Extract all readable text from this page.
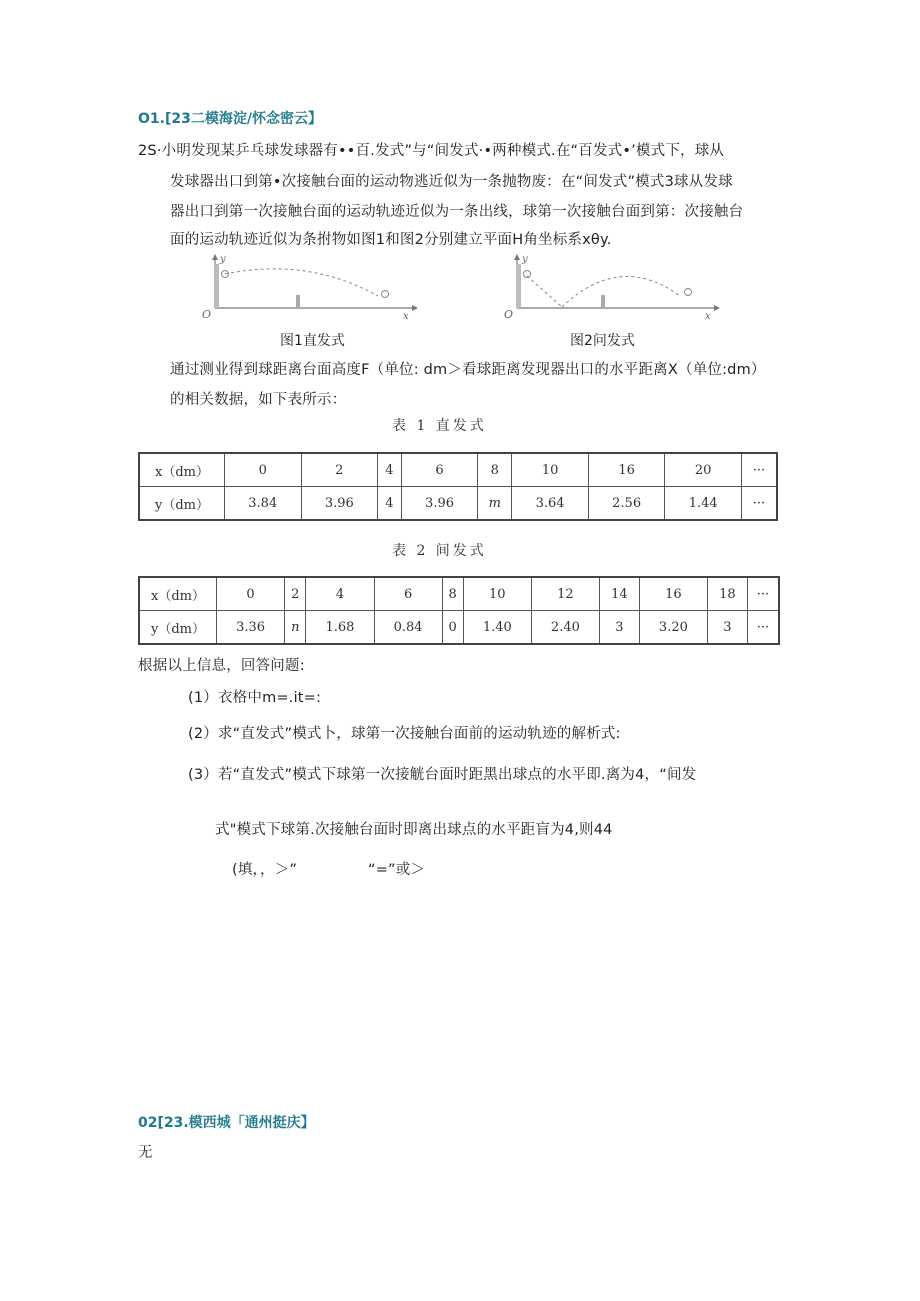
O1.[23二模海淀/怀念密云】
2S·小明发现某乒乓球发球器有••百.发式”与“间发式·•两种模式.在“百发式•’模式下，球从
发球器出口到第•次接触台面的运动物逃近似为一条抛物废：在“间发式”模式3球从发球
器出口到第一次接触台面的运动轨迹近似为一条出线，球第一次接触台面到第：次接触台
面的运动轨迹近似为条拊物如图1和图2分别建立平面H角坐标系xθy.
y
O	x
图1直发式
y
O	x
图2问发式
通过测业得到球距离台面高度F（单位: dm＞看球距离发现器出口的水平距离X（单位:dm）
的相关数据，如下表所示：
表 1 直发式
x（dm）	0	2	4	6	8	10	16	20	···
y（dm）	3.84	3.96	4	3.96	m	3.64	2.56	1.44	···
表 2 间发式
x（dm）	0	2	4	6	8	10	12	14	16	18	···
y（dm）	3.36	n	1.68	0.84	0	1.40	2.40	3	3.20	3	···
根据以上信息，回答问题:
(1）衣格中m=.it=:
(2）求“直发式”模式卜，球第一次接触台面前的运动轨迹的解析式:
(3）若“直发式”模式下球第一次接觥台面时距黑出球点的水平即.离为4，“间发
式"模式下球第.次接触台面时即离出球点的水平距盲为4,则44
(填，，＞”	“=”或＞
02[23.模西城「通州挺庆】
无
